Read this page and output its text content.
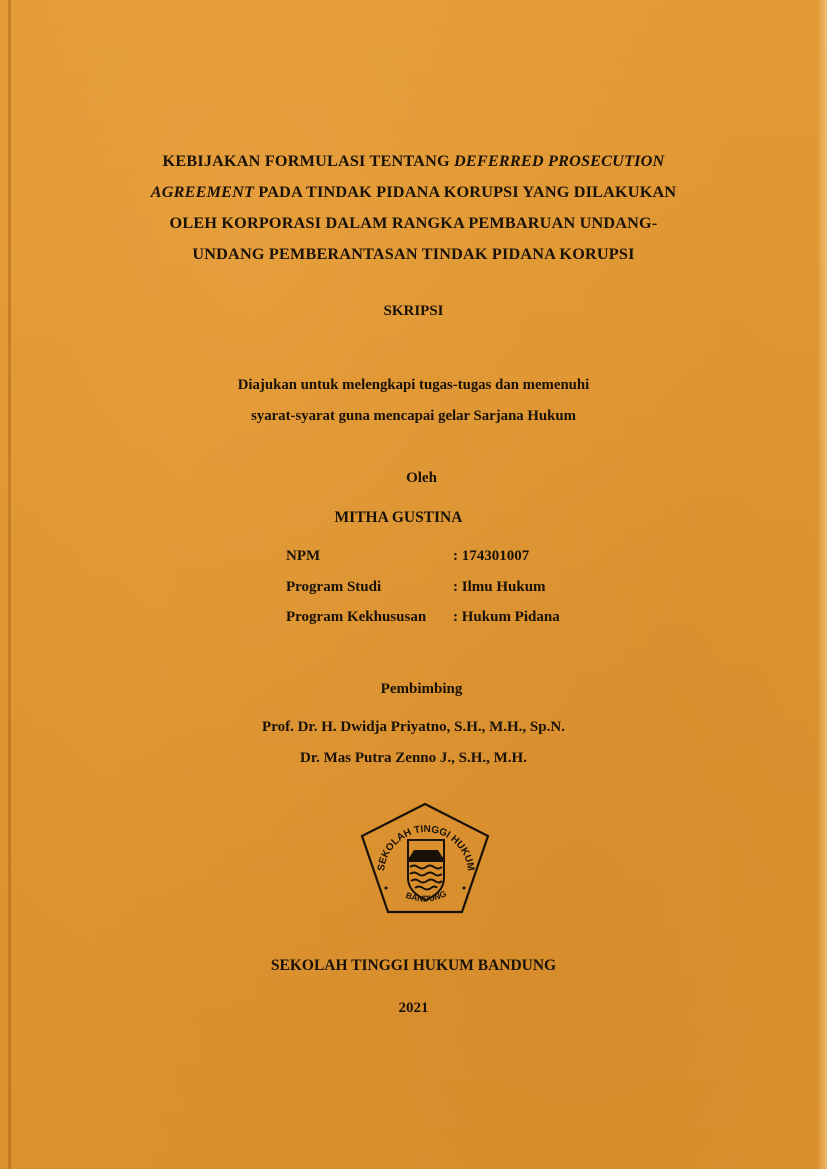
KEBIJAKAN FORMULASI TENTANG DEFERRED PROSECUTION
AGREEMENT PADA TINDAK PIDANA KORUPSI YANG DILAKUKAN
OLEH KORPORASI DALAM RANGKA PEMBARUAN UNDANG-
UNDANG PEMBERANTASAN TINDAK PIDANA KORUPSI
SKRIPSI
Diajukan untuk melengkapi tugas-tugas dan memenuhi
syarat-syarat guna mencapai gelar Sarjana Hukum
Oleh
MITHA GUSTINA
NPM	: 174301007
Program Studi	: Ilmu Hukum
Program Kekhususan	: Hukum Pidana
Pembimbing
Prof. Dr. H. Dwidja Priyatno, S.H., M.H., Sp.N.
Dr. Mas Putra Zenno J., S.H., M.H.
SEKOLAH TINGGI HUKUM
BANDUNG
SEKOLAH TINGGI HUKUM BANDUNG
2021
